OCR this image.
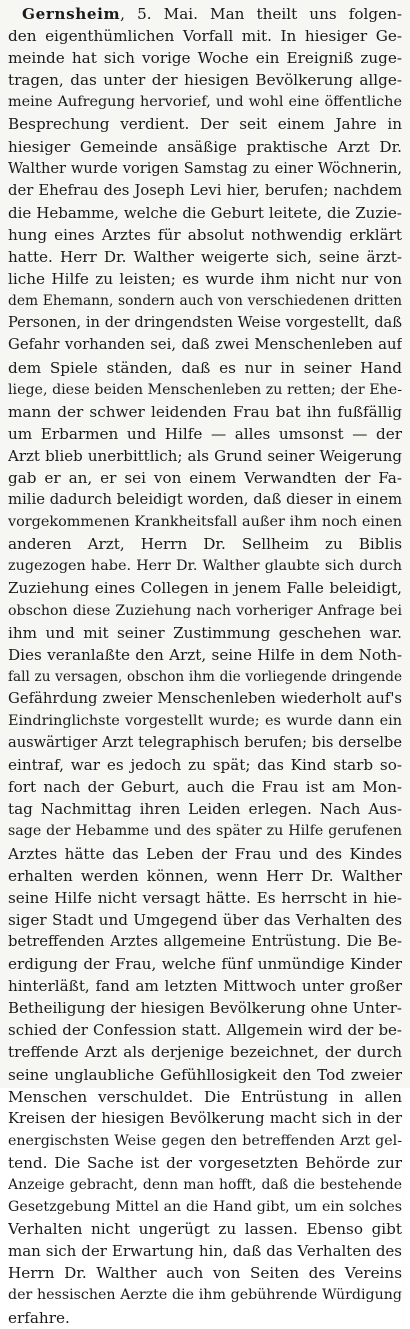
Gernsheim, 5. Mai. Man theilt uns folgen-
den eigenthümlichen Vorfall mit. In hiesiger Ge-
meinde hat sich vorige Woche ein Ereigniß zuge-
tragen, das unter der hiesigen Bevölkerung allge-
meine Aufregung hervorief, und wohl eine öffentliche
Besprechung verdient. Der seit einem Jahre in
hiesiger Gemeinde ansäßige praktische Arzt Dr.
Walther wurde vorigen Samstag zu einer Wöchnerin,
der Ehefrau des Joseph Levi hier, berufen; nachdem
die Hebamme, welche die Geburt leitete, die Zuzie-
hung eines Arztes für absolut nothwendig erklärt
hatte. Herr Dr. Walther weigerte sich, seine ärzt-
liche Hilfe zu leisten; es wurde ihm nicht nur von
dem Ehemann, sondern auch von verschiedenen dritten
Personen, in der dringendsten Weise vorgestellt, daß
Gefahr vorhanden sei, daß zwei Menschenleben auf
dem Spiele ständen, daß es nur in seiner Hand
liege, diese beiden Menschenleben zu retten; der Ehe-
mann der schwer leidenden Frau bat ihn fußfällig
um Erbarmen und Hilfe — alles umsonst — der
Arzt blieb unerbittlich; als Grund seiner Weigerung
gab er an, er sei von einem Verwandten der Fa-
milie dadurch beleidigt worden, daß dieser in einem
vorgekommenen Krankheitsfall außer ihm noch einen
anderen Arzt, Herrn Dr. Sellheim zu Biblis
zugezogen habe. Herr Dr. Walther glaubte sich durch
Zuziehung eines Collegen in jenem Falle beleidigt,
obschon diese Zuziehung nach vorheriger Anfrage bei
ihm und mit seiner Zustimmung geschehen war.
Dies veranlaßte den Arzt, seine Hilfe in dem Noth-
fall zu versagen, obschon ihm die vorliegende dringende
Gefährdung zweier Menschenleben wiederholt auf's
Eindringlichste vorgestellt wurde; es wurde dann ein
auswärtiger Arzt telegraphisch berufen; bis derselbe
eintraf, war es jedoch zu spät; das Kind starb so-
fort nach der Geburt, auch die Frau ist am Mon-
tag Nachmittag ihren Leiden erlegen. Nach Aus-
sage der Hebamme und des später zu Hilfe gerufenen
Arztes hätte das Leben der Frau und des Kindes
erhalten werden können, wenn Herr Dr. Walther
seine Hilfe nicht versagt hätte. Es herrscht in hie-
siger Stadt und Umgegend über das Verhalten des
betreffenden Arztes allgemeine Entrüstung. Die Be-
erdigung der Frau, welche fünf unmündige Kinder
hinterläßt, fand am letzten Mittwoch unter großer
Betheiligung der hiesigen Bevölkerung ohne Unter-
schied der Confession statt. Allgemein wird der be-
treffende Arzt als derjenige bezeichnet, der durch
seine unglaubliche Gefühllosigkeit den Tod zweier
Menschen verschuldet. Die Entrüstung in allen
Kreisen der hiesigen Bevölkerung macht sich in der
energischsten Weise gegen den betreffenden Arzt gel-
tend. Die Sache ist der vorgesetzten Behörde zur
Anzeige gebracht, denn man hofft, daß die bestehende
Gesetzgebung Mittel an die Hand gibt, um ein solches
Verhalten nicht ungerügt zu lassen. Ebenso gibt
man sich der Erwartung hin, daß das Verhalten des
Herrn Dr. Walther auch von Seiten des Vereins
der hessischen Aerzte die ihm gebührende Würdigung
erfahre.
